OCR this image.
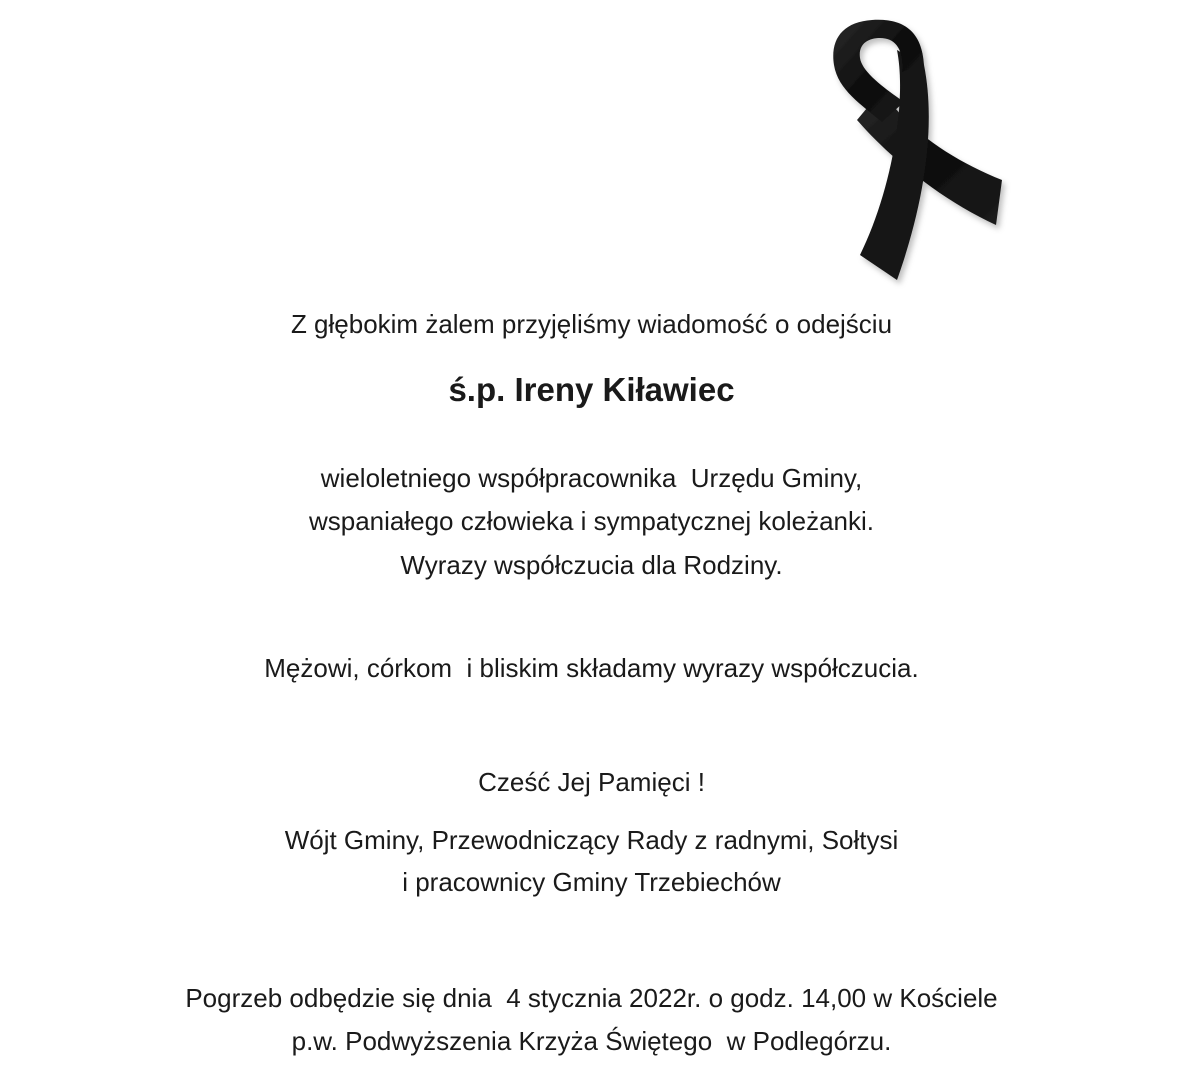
Z głębokim żalem przyjęliśmy wiadomość o odejściu
ś.p. Ireny Kiławiec
wieloletniego współpracownika  Urzędu Gminy,
wspaniałego człowieka i sympatycznej koleżanki.
Wyrazy współczucia dla Rodziny.
Mężowi, córkom  i bliskim składamy wyrazy współczucia.
Cześć Jej Pamięci !
Wójt Gminy, Przewodniczący Rady z radnymi, Sołtysi
i pracownicy Gminy Trzebiechów
Pogrzeb odbędzie się dnia  4 stycznia 2022r. o godz. 14,00 w Kościele
p.w. Podwyższenia Krzyża Świętego  w Podlegórzu.
